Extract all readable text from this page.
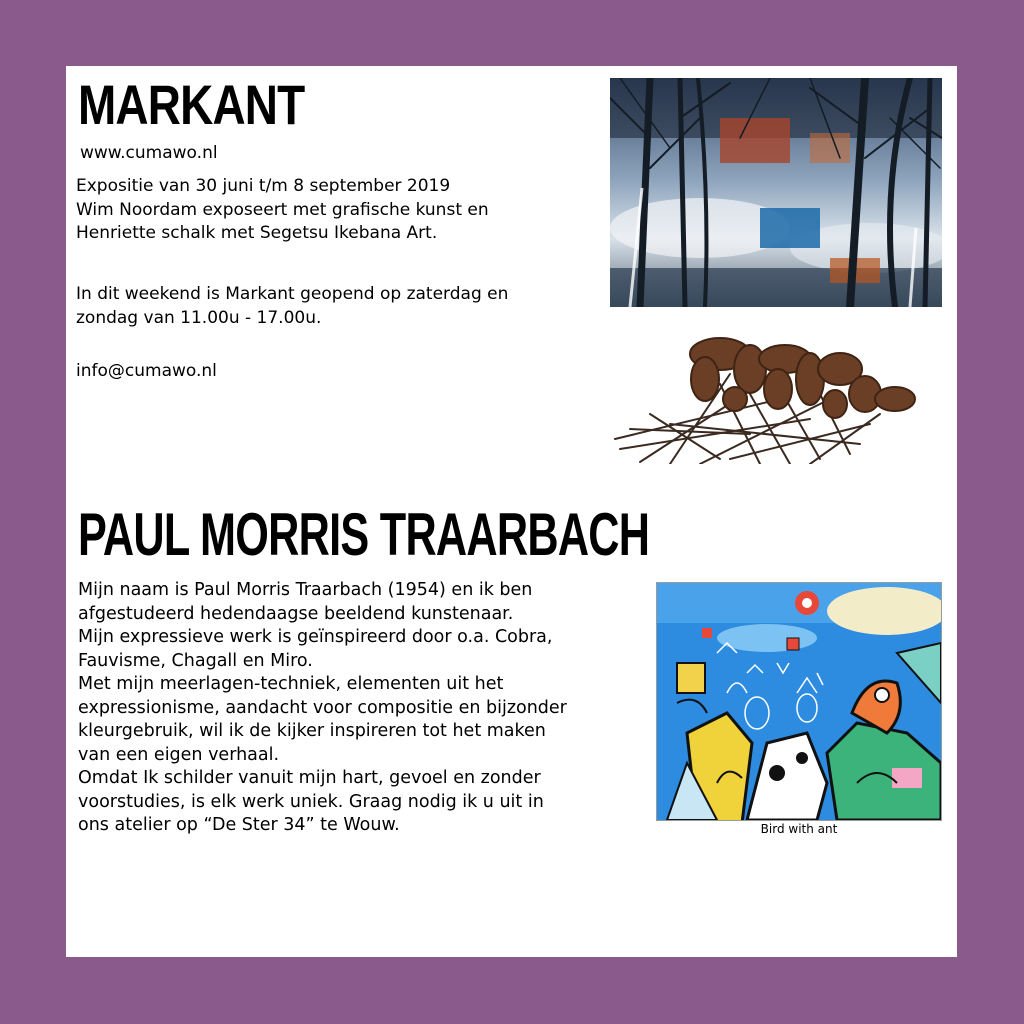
MARKANT
www.cumawo.nl
Expositie van 30 juni t/m 8 september 2019
Wim Noordam exposeert met grafische kunst en
Henriette schalk met Segetsu Ikebana Art.
In dit weekend is Markant geopend op zaterdag en
zondag van 11.00u - 17.00u.
info@cumawo.nl
PAUL MORRIS TRAARBACH
Mijn naam is Paul Morris Traarbach (1954) en ik ben
afgestudeerd hedendaagse beeldend kunstenaar.
Mijn expressieve werk is geïnspireerd door o.a. Cobra,
Fauvisme, Chagall en Miro.
Met mijn meerlagen-techniek, elementen uit het
expressionisme, aandacht voor compositie en bijzonder
kleurgebruik, wil ik de kijker inspireren tot het maken
van een eigen verhaal.
Omdat Ik schilder vanuit mijn hart, gevoel en zonder
voorstudies, is elk werk uniek. Graag nodig ik u uit in
ons atelier op “De Ster 34” te Wouw.	Bird with ant
